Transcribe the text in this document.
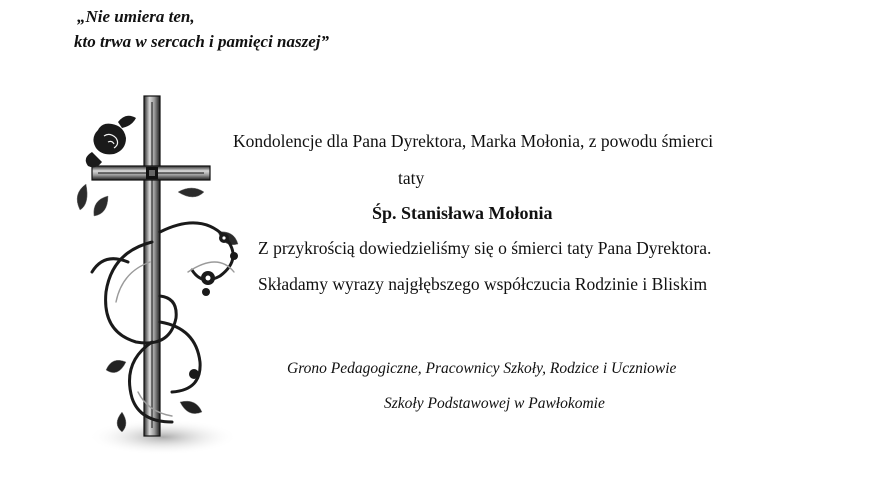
„Nie umiera ten,
kto trwa w sercach i pamięci naszej”
Kondolencje dla Pana Dyrektora, Marka Mołonia, z powodu śmierci
taty
Śp. Stanisława Mołonia
Z przykrością dowiedzieliśmy się o śmierci taty Pana Dyrektora.
Składamy wyrazy najgłębszego współczucia Rodzinie i Bliskim
Grono Pedagogiczne, Pracownicy Szkoły, Rodzice i Uczniowie
Szkoły Podstawowej w Pawłokomie
